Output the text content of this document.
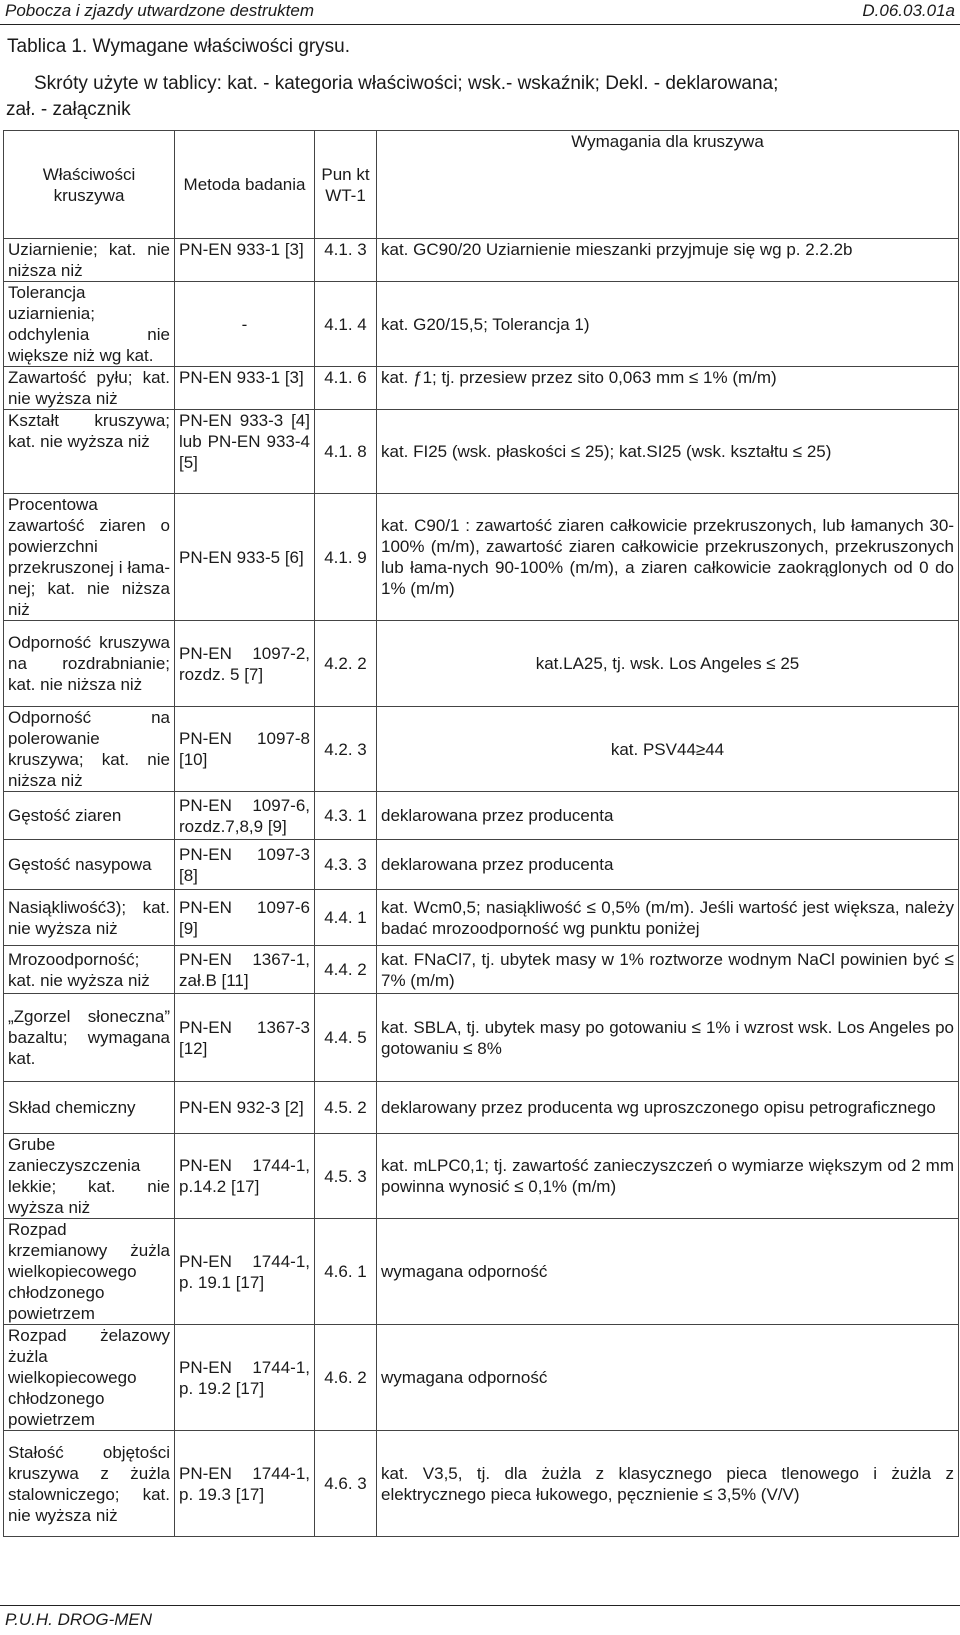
Pobocza i zjazdy utwardzone destruktem	D.06.03.01a
Tablica 1. Wymagane właściwości grysu.
Skróty użyte w tablicy: kat. - kategoria właściwości; wsk.- wskaźnik; Dekl. - deklarowana;
zał. - załącznik
Właściwości kruszywa	Metoda badania	Pun kt WT-1	Wymagania dla kruszywa
Uziarnienie; kat. nie niższa niż	PN-EN 933-1 [3]	4.1. 3	kat. GC90/20 Uziarnienie mieszanki przyjmuje się wg p. 2.2.2b
Tolerancja uziarnienia; odchylenia nie większe niż wg kat.	-	4.1. 4	kat. G20/15,5; Tolerancja 1)
Zawartość pyłu; kat. nie wyższa niż	PN-EN 933-1 [3]	4.1. 6	kat. ƒ1; tj. przesiew przez sito 0,063 mm ≤ 1% (m/m)
Kształt kruszywa; kat. nie wyższa niż	PN-EN 933-3 [4] lub PN-EN 933-4 [5]	4.1. 8	kat. FI25 (wsk. płaskości ≤ 25); kat.SI25 (wsk. kształtu ≤ 25)
Procentowa zawartość ziaren o powierzchni przekruszonej i łama-nej; kat. nie niższa niż	PN-EN 933-5 [6]	4.1. 9	kat. C90/1 : zawartość ziaren całkowicie przekruszonych, lub łamanych 30-100% (m/m), zawartość ziaren całkowicie przekruszonych, przekruszonych lub łama-nych 90-100% (m/m), a ziaren całkowicie zaokrąglonych od 0 do 1% (m/m)
Odporność kruszywa na rozdrabnianie; kat. nie niższa niż	PN-EN 1097-2, rozdz. 5 [7]	4.2. 2	kat.LA25, tj. wsk. Los Angeles ≤ 25
Odporność na polerowanie kruszywa; kat. nie niższa niż	PN-EN 1097-8 [10]	4.2. 3	kat. PSV44≥44
Gęstość ziaren	PN-EN 1097-6, rozdz.7,8,9 [9]	4.3. 1	deklarowana przez producenta
Gęstość nasypowa	PN-EN 1097-3 [8]	4.3. 3	deklarowana przez producenta
Nasiąkliwość3); kat. nie wyższa niż	PN-EN 1097-6 [9]	4.4. 1	kat. Wcm0,5; nasiąkliwość ≤ 0,5% (m/m). Jeśli wartość jest większa, należy badać mrozoodporność wg punktu poniżej
Mrozoodporność; kat. nie wyższa niż	PN-EN 1367-1, zał.B [11]	4.4. 2	kat. FNaCl7, tj. ubytek masy w 1% roztworze wodnym NaCl powinien być ≤ 7% (m/m)
„Zgorzel słoneczna” bazaltu; wymagana kat.	PN-EN 1367-3 [12]	4.4. 5	kat. SBLA, tj. ubytek masy po gotowaniu ≤ 1% i wzrost wsk. Los Angeles po gotowaniu ≤ 8%
Skład chemiczny	PN-EN 932-3 [2]	4.5. 2	deklarowany przez producenta wg uproszczonego opisu petrograficznego
Grube zanieczyszczenia lekkie; kat. nie wyższa niż	PN-EN 1744-1, p.14.2 [17]	4.5. 3	kat. mLPC0,1; tj. zawartość zanieczyszczeń o wymiarze większym od 2 mm powinna wynosić ≤ 0,1% (m/m)
Rozpad krzemianowy żużla wielkopiecowego chłodzonego powietrzem	PN-EN 1744-1, p. 19.1 [17]	4.6. 1	wymagana odporność
Rozpad żelazowy żużla wielkopiecowego chłodzonego powietrzem	PN-EN 1744-1, p. 19.2 [17]	4.6. 2	wymagana odporność
Stałość objętości kruszywa z żużla stalowniczego; kat. nie wyższa niż	PN-EN 1744-1, p. 19.3 [17]	4.6. 3	kat. V3,5, tj. dla żużla z klasycznego pieca tlenowego i żużla z elektrycznego pieca łukowego, pęcznienie ≤ 3,5% (V/V)
P.U.H. DROG-MEN
